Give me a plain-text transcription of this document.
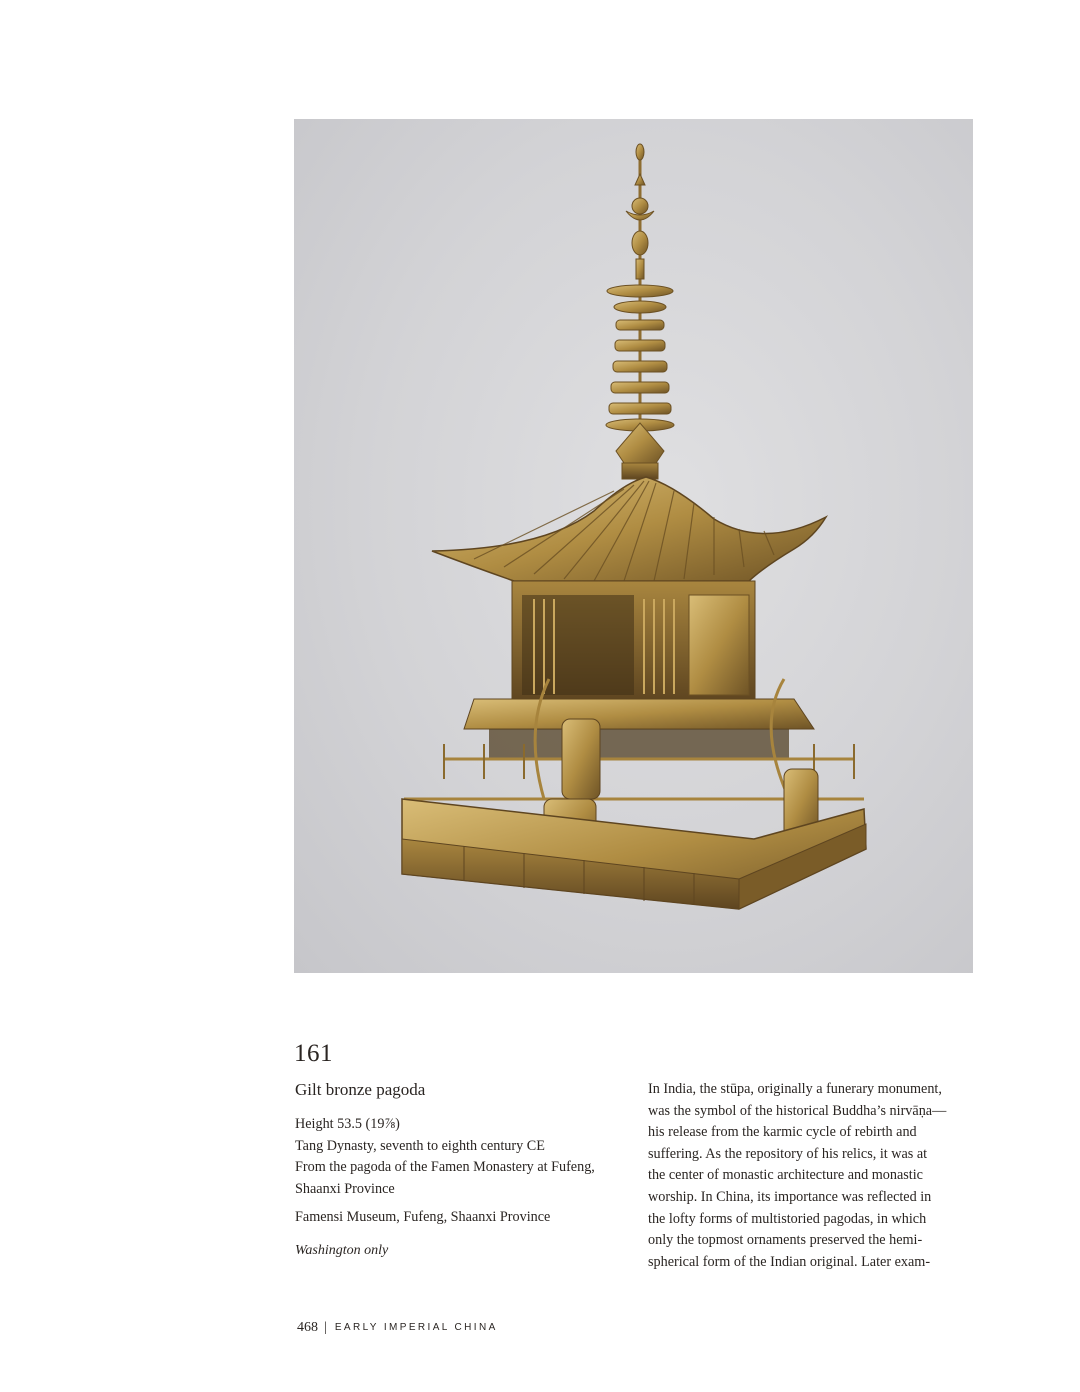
161
Gilt bronze pagoda
Height 53.5 (19⅞)
Tang Dynasty, seventh to eighth century CE
From the pagoda of the Famen Monastery at Fufeng,
Shaanxi Province
Famensi Museum, Fufeng, Shaanxi Province
Washington only
In India, the stūpa, originally a funerary monument,
was the symbol of the historical Buddha’s nirvāṇa—
his release from the karmic cycle of rebirth and
suffering. As the repository of his relics, it was at
the center of monastic architecture and monastic
worship. In China, its importance was reflected in
the lofty forms of multistoried pagodas, in which
only the topmost ornaments preserved the hemi-
spherical form of the Indian original. Later exam-
468 | EARLY IMPERIAL CHINA
